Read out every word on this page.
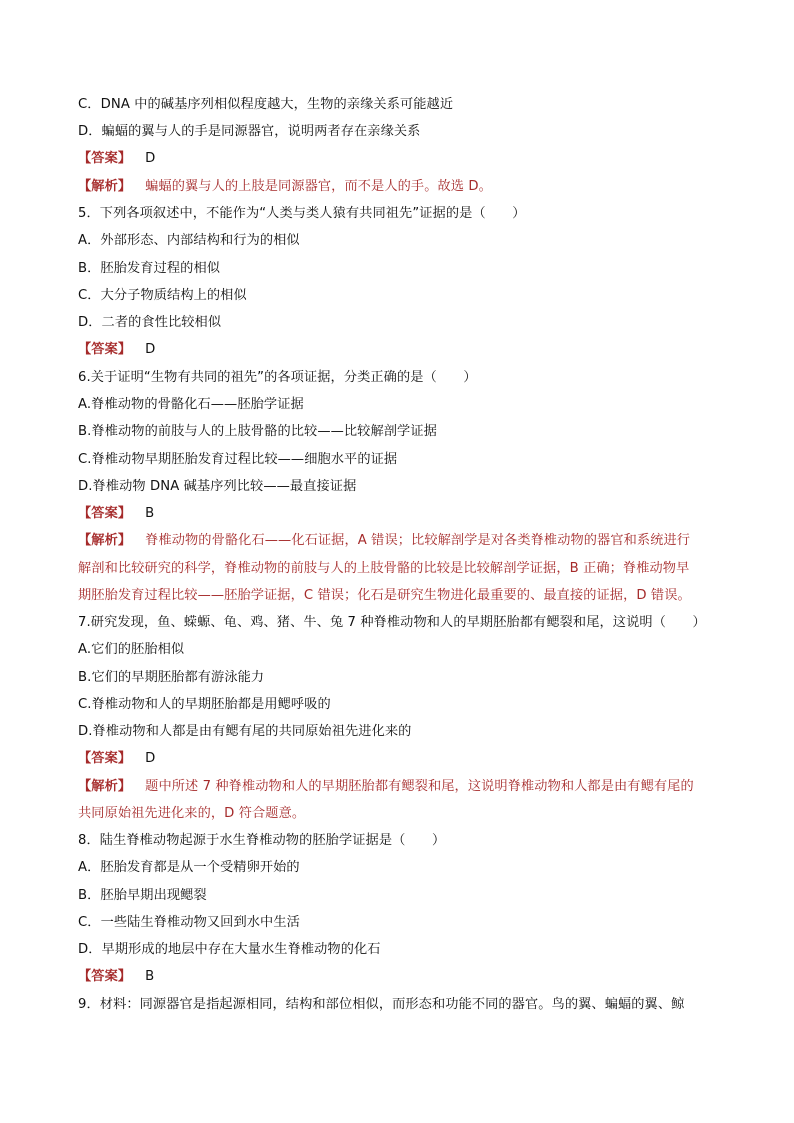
C．DNA 中的碱基序列相似程度越大，生物的亲缘关系可能越近
D．蝙蝠的翼与人的手是同源器官，说明两者存在亲缘关系
【答案】 D
【解析】 蝙蝠的翼与人的上肢是同源器官，而不是人的手。故选 D。
5．下列各项叙述中，不能作为“人类与类人猿有共同祖先”证据的是（　　）
A．外部形态、内部结构和行为的相似
B．胚胎发育过程的相似
C．大分子物质结构上的相似
D．二者的食性比较相似
【答案】 D
6.关于证明“生物有共同的祖先”的各项证据，分类正确的是（　　）
A.脊椎动物的骨骼化石——胚胎学证据
B.脊椎动物的前肢与人的上肢骨骼的比较——比较解剖学证据
C.脊椎动物早期胚胎发育过程比较——细胞水平的证据
D.脊椎动物 DNA 碱基序列比较——最直接证据
【答案】 B
【解析】 脊椎动物的骨骼化石——化石证据，A 错误；比较解剖学是对各类脊椎动物的器官和系统进行
解剖和比较研究的科学，脊椎动物的前肢与人的上肢骨骼的比较是比较解剖学证据，B 正确；脊椎动物早
期胚胎发育过程比较——胚胎学证据，C 错误；化石是研究生物进化最重要的、最直接的证据，D 错误。
7.研究发现，鱼、蝾螈、龟、鸡、猪、牛、兔 7 种脊椎动物和人的早期胚胎都有鳃裂和尾，这说明（　　）
A.它们的胚胎相似
B.它们的早期胚胎都有游泳能力
C.脊椎动物和人的早期胚胎都是用鳃呼吸的
D.脊椎动物和人都是由有鳃有尾的共同原始祖先进化来的
【答案】 D
【解析】 题中所述 7 种脊椎动物和人的早期胚胎都有鳃裂和尾，这说明脊椎动物和人都是由有鳃有尾的
共同原始祖先进化来的，D 符合题意。
8．陆生脊椎动物起源于水生脊椎动物的胚胎学证据是（　　）
A．胚胎发育都是从一个受精卵开始的
B．胚胎早期出现鳃裂
C．一些陆生脊椎动物又回到水中生活
D．早期形成的地层中存在大量水生脊椎动物的化石
【答案】 B
9．材料：同源器官是指起源相同，结构和部位相似，而形态和功能不同的器官。鸟的翼、蝙蝠的翼、鲸
